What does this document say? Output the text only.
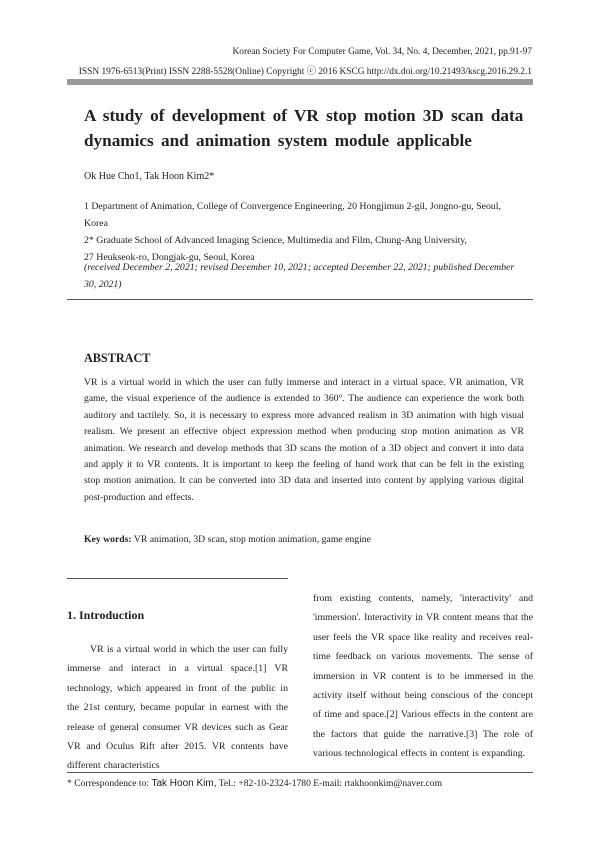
Korean Society For Computer Game, Vol. 34, No. 4, December, 2021, pp.91-97
ISSN 1976-6513(Print) ISSN 2288-5528(Online) Copyright ⓒ 2016 KSCG http://dx.doi.org/10.21493/kscg.2016.29.2.1
A study of development of VR stop motion 3D scan data dynamics and animation system module applicable
Ok Hue Cho1, Tak Hoon Kim2*
1 Department of Animation, College of Convergence Engineering, 20 Hongjimun 2-gil, Jongno-gu, Seoul, Korea
2* Graduate School of Advanced Imaging Science, Multimedia and Film, Chung-Ang University,
27 Heukseok-ro, Dongjak-gu, Seoul, Korea
(received December 2, 2021; revised December 10, 2021; accepted December 22, 2021; published December 30, 2021)
ABSTRACT

VR is a virtual world in which the user can fully immerse and interact in a virtual space. VR animation, VR game, the visual experience of the audience is extended to 360°. The audience can experience the work both auditory and tactilely. So, it is necessary to express more advanced realism in 3D animation with high visual realism. We present an effective object expression method when producing stop motion animation as VR animation. We research and develop methods that 3D scans the motion of a 3D object and convert it into data and apply it to VR contents. It is important to keep the feeling of hand work that can be felt in the existing stop motion animation. It can be converted into 3D data and inserted into content by applying various digital post-production and effects.

Key words: VR animation, 3D scan, stop motion animation, game engine
1. Introduction

VR is a virtual world in which the user can fully immerse and interact in a virtual space.[1] VR technology, which appeared in front of the public in the 21st century, became popular in earnest with the release of general consumer VR devices such as Gear VR and Oculus Rift after 2015. VR contents have different characteristics

from existing contents, namely, 'interactivity' and 'immersion'. Interactivity in VR content means that the user feels the VR space like reality and receives real-time feedback on various movements. The sense of immersion in VR content is to be immersed in the activity itself without being conscious of the concept of time and space.[2] Various effects in the content are the factors that guide the narrative.[3] The role of various technological effects in content is expanding.

* Correspondence to: Tak Hoon Kim, Tel.: +82-10-2324-1780 E-mail: rtakhoonkim@naver.com
